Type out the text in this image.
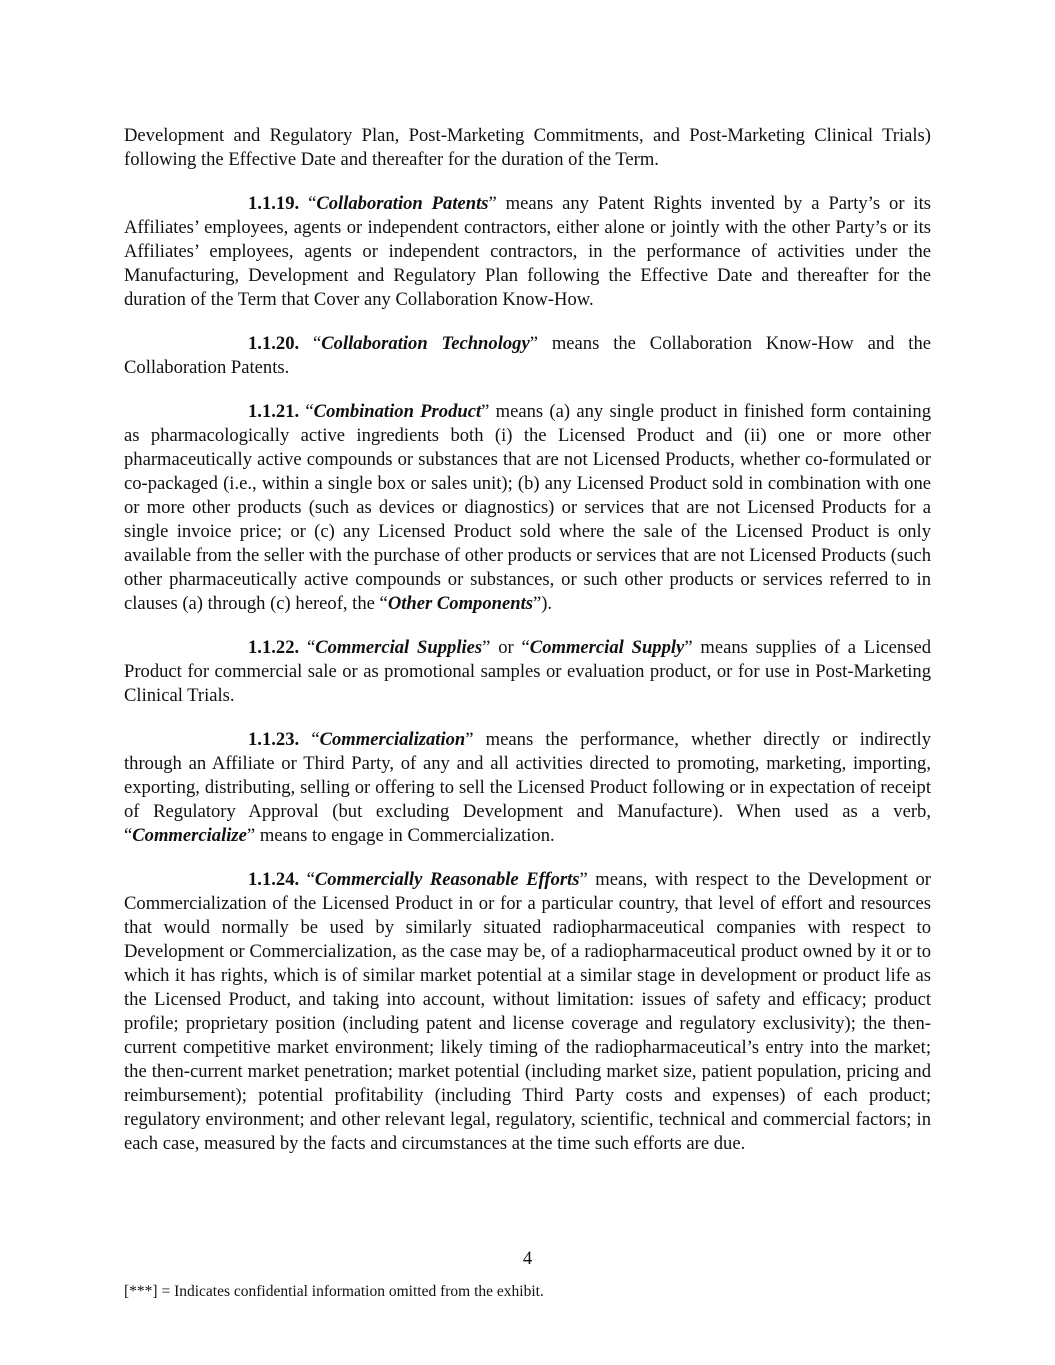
Development and Regulatory Plan, Post-Marketing Commitments, and Post-Marketing Clinical Trials) following the Effective Date and thereafter for the duration of the Term.

1.1.19. “Collaboration Patents” means any Patent Rights invented by a Party’s or its Affiliates’ employees, agents or independent contractors, either alone or jointly with the other Party’s or its Affiliates’ employees, agents or independent contractors, in the performance of activities under the Manufacturing, Development and Regulatory Plan following the Effective Date and thereafter for the duration of the Term that Cover any Collaboration Know-How.

1.1.20. “Collaboration Technology” means the Collaboration Know-How and the Collaboration Patents.

1.1.21. “Combination Product” means (a) any single product in finished form containing as pharmacologically active ingredients both (i) the Licensed Product and (ii) one or more other pharmaceutically active compounds or substances that are not Licensed Products, whether co-formulated or co-packaged (i.e., within a single box or sales unit); (b) any Licensed Product sold in combination with one or more other products (such as devices or diagnostics) or services that are not Licensed Products for a single invoice price; or (c) any Licensed Product sold where the sale of the Licensed Product is only available from the seller with the purchase of other products or services that are not Licensed Products (such other pharmaceutically active compounds or substances, or such other products or services referred to in clauses (a) through (c) hereof, the “Other Components”).

1.1.22. “Commercial Supplies” or “Commercial Supply” means supplies of a Licensed Product for commercial sale or as promotional samples or evaluation product, or for use in Post-Marketing Clinical Trials.

1.1.23. “Commercialization” means the performance, whether directly or indirectly through an Affiliate or Third Party, of any and all activities directed to promoting, marketing, importing, exporting, distributing, selling or offering to sell the Licensed Product following or in expectation of receipt of Regulatory Approval (but excluding Development and Manufacture). When used as a verb, “Commercialize” means to engage in Commercialization.

1.1.24. “Commercially Reasonable Efforts” means, with respect to the Development or Commercialization of the Licensed Product in or for a particular country, that level of effort and resources that would normally be used by similarly situated radiopharmaceutical companies with respect to Development or Commercialization, as the case may be, of a radiopharmaceutical product owned by it or to which it has rights, which is of similar market potential at a similar stage in development or product life as the Licensed Product, and taking into account, without limitation: issues of safety and efficacy; product profile; proprietary position (including patent and license coverage and regulatory exclusivity); the then-current competitive market environment; likely timing of the radiopharmaceutical’s entry into the market; the then-current market penetration; market potential (including market size, patient population, pricing and reimbursement); potential profitability (including Third Party costs and expenses) of each product; regulatory environment; and other relevant legal, regulatory, scientific, technical and commercial factors; in each case, measured by the facts and circumstances at the time such efforts are due.

4
[***] = Indicates confidential information omitted from the exhibit.
